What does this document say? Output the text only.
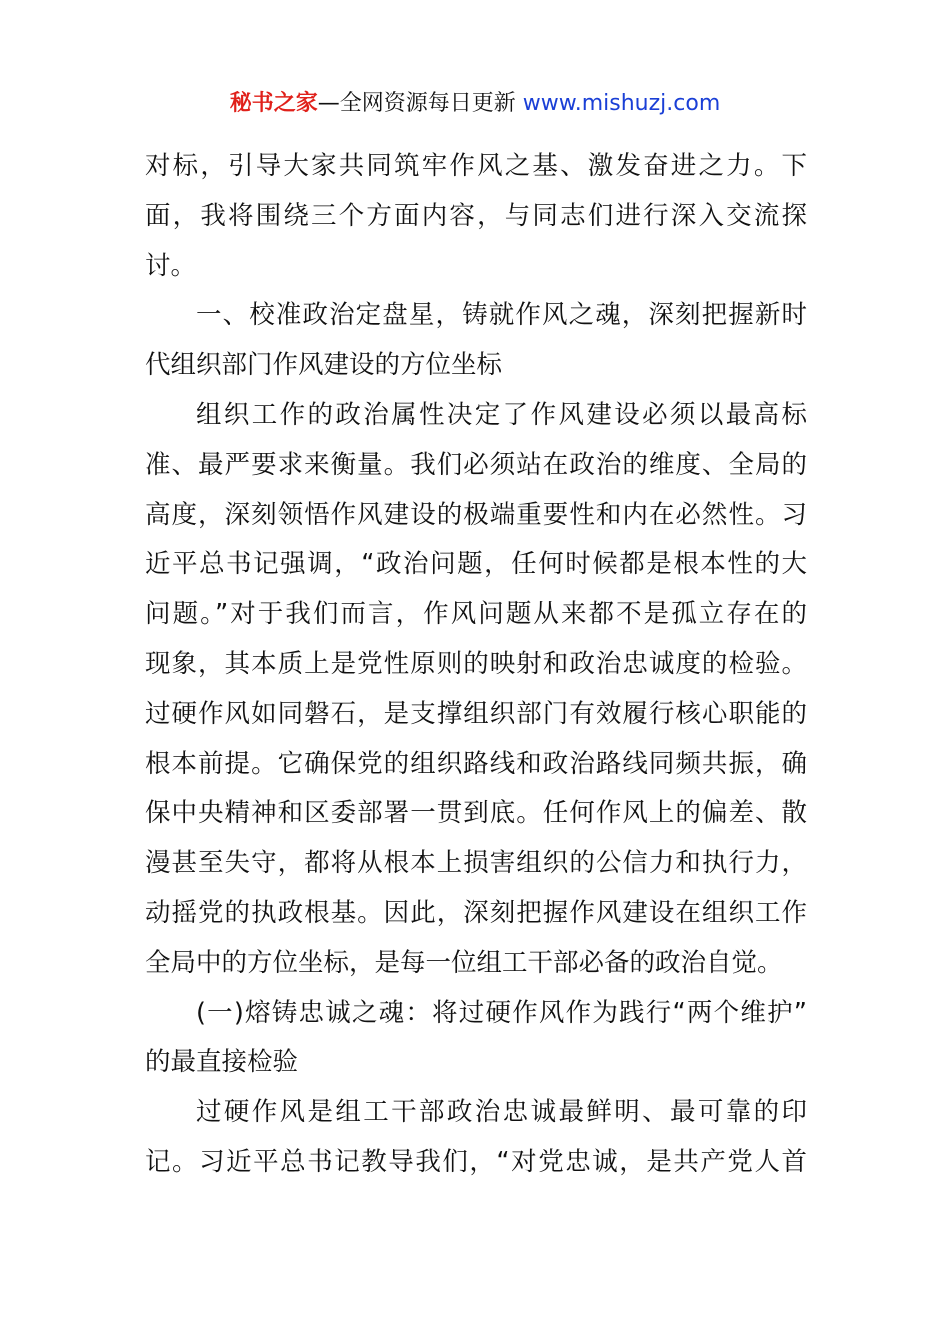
秘书之家—全网资源每日更新 www.mishuzj.com
对标，引导大家共同筑牢作风之基、激发奋进之力。下
面，我将围绕三个方面内容，与同志们进行深入交流探
讨。
一、校准政治定盘星，铸就作风之魂，深刻把握新时
代组织部门作风建设的方位坐标
组织工作的政治属性决定了作风建设必须以最高标
准、最严要求来衡量。我们必须站在政治的维度、全局的
高度，深刻领悟作风建设的极端重要性和内在必然性。习
近平总书记强调，“政治问题，任何时候都是根本性的大
问题。”对于我们而言，作风问题从来都不是孤立存在的
现象，其本质上是党性原则的映射和政治忠诚度的检验。
过硬作风如同磐石，是支撑组织部门有效履行核心职能的
根本前提。它确保党的组织路线和政治路线同频共振，确
保中央精神和区委部署一贯到底。任何作风上的偏差、散
漫甚至失守，都将从根本上损害组织的公信力和执行力，
动摇党的执政根基。因此，深刻把握作风建设在组织工作
全局中的方位坐标，是每一位组工干部必备的政治自觉。
(一)熔铸忠诚之魂：将过硬作风作为践行“两个维护”
的最直接检验
过硬作风是组工干部政治忠诚最鲜明、最可靠的印
记。习近平总书记教导我们，“对党忠诚，是共产党人首
